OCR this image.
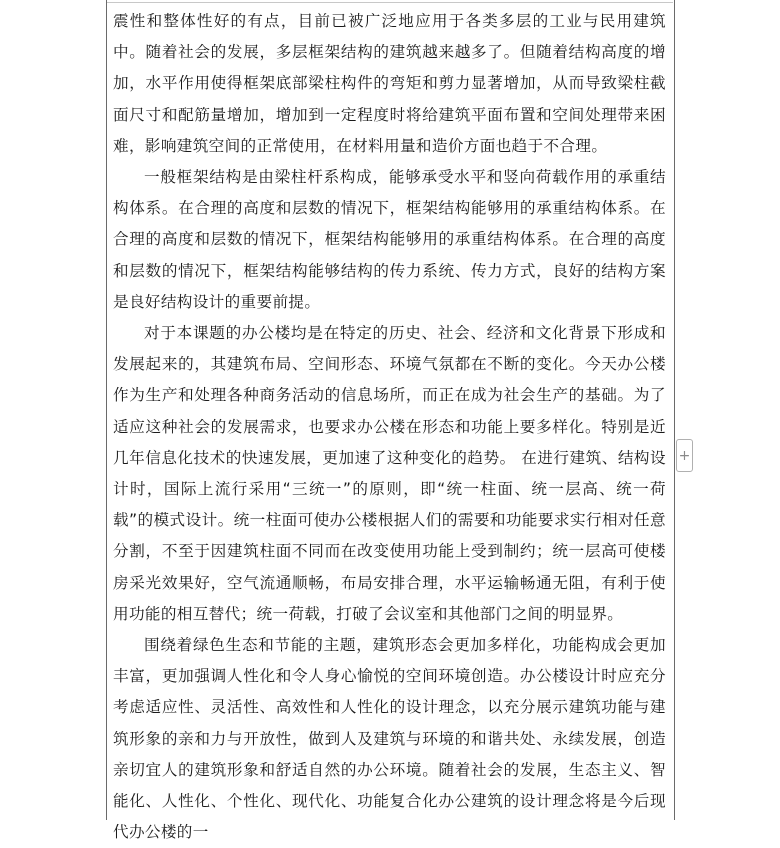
震性和整体性好的有点，目前已被广泛地应用于各类多层的工业与民用建筑中。随着社会的发展，多层框架结构的建筑越来越多了。但随着结构高度的增加，水平作用使得框架底部梁柱构件的弯矩和剪力显著增加，从而导致梁柱截面尺寸和配筋量增加，增加到一定程度时将给建筑平面布置和空间处理带来困难，影响建筑空间的正常使用，在材料用量和造价方面也趋于不合理。

一般框架结构是由梁柱杆系构成，能够承受水平和竖向荷载作用的承重结构体系。在合理的高度和层数的情况下，框架结构能够用的承重结构体系。在合理的高度和层数的情况下，框架结构能够用的承重结构体系。在合理的高度和层数的情况下，框架结构能够结构的传力系统、传力方式，良好的结构方案是良好结构设计的重要前提。

对于本课题的办公楼均是在特定的历史、社会、经济和文化背景下形成和发展起来的，其建筑布局、空间形态、环境气氛都在不断的变化。今天办公楼作为生产和处理各种商务活动的信息场所，而正在成为社会生产的基础。为了适应这种社会的发展需求，也要求办公楼在形态和功能上要多样化。特别是近几年信息化技术的快速发展，更加速了这种变化的趋势。 在进行建筑、结构设计时，国际上流行采用“三统一”的原则，即“统一柱面、统一层高、统一荷载”的模式设计。统一柱面可使办公楼根据人们的需要和功能要求实行相对任意分割，不至于因建筑柱面不同而在改变使用功能上受到制约；统一层高可使楼房采光效果好，空气流通顺畅，布局安排合理，水平运输畅通无阻，有利于使用功能的相互替代；统一荷载，打破了会议室和其他部门之间的明显界。

围绕着绿色生态和节能的主题，建筑形态会更加多样化，功能构成会更加丰富，更加强调人性化和令人身心愉悦的空间环境创造。办公楼设计时应充分考虑适应性、灵活性、高效性和人性化的设计理念，以充分展示建筑功能与建筑形象的亲和力与开放性，做到人及建筑与环境的和谐共处、永续发展，创造亲切宜人的建筑形象和舒适自然的办公环境。随着社会的发展，生态主义、智能化、人性化、个性化、现代化、功能复合化办公建筑的设计理念将是今后现代办公楼的一

+
